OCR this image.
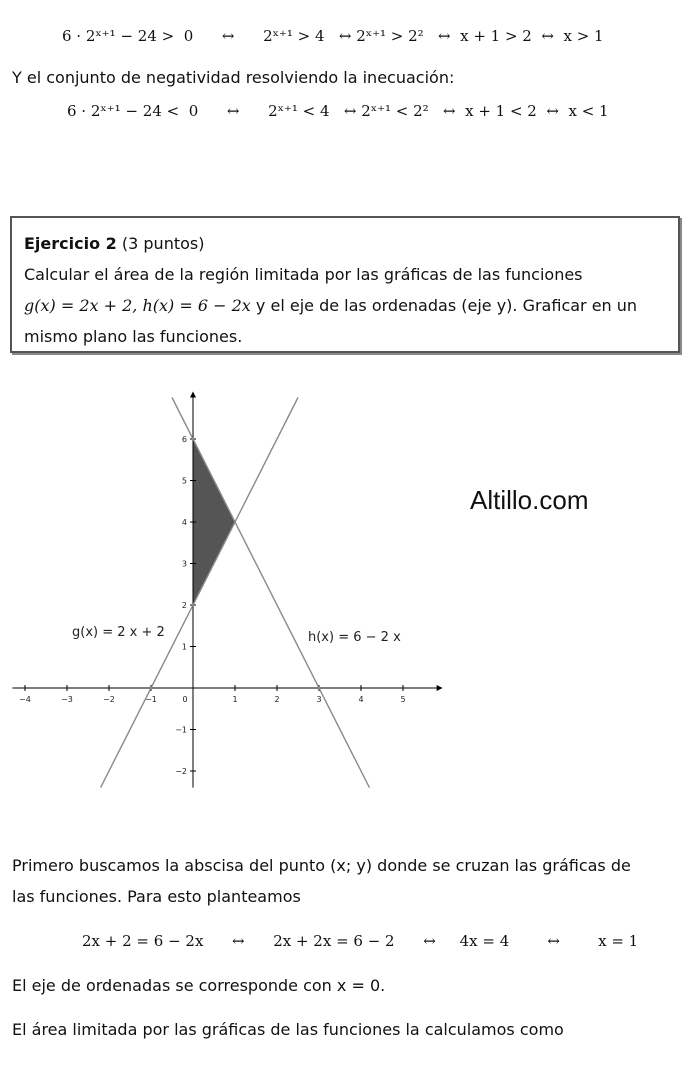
6 · 2ˣ⁺¹ − 24 >  0      ↔      2ˣ⁺¹ > 4   ↔ 2ˣ⁺¹ > 2²   ↔  x + 1 > 2  ↔  x > 1
Y el conjunto de negatividad resolviendo la inecuación:
6 · 2ˣ⁺¹ − 24 <  0      ↔      2ˣ⁺¹ < 4   ↔ 2ˣ⁺¹ < 2²   ↔  x + 1 < 2  ↔  x < 1
Ejercicio 2 (3 puntos)
Calcular el área de la región limitada por las gráficas de las funciones
g(x) = 2x + 2, h(x) = 6 − 2x y el eje de las ordenadas (eje y). Graficar en un
mismo plano las funciones.
−4	−3	−2	−1	0	1	2	3	4	5
−2
−1
1
2
3
4
5
6
g(x) = 2 x + 2	h(x) = 6 − 2 x
Altillo.com
Primero buscamos la abscisa del punto (x; y) donde se cruzan las gráficas de
las funciones. Para esto planteamos
2x + 2 = 6 − 2x      ↔      2x + 2x = 6 − 2      ↔     4x = 4        ↔        x = 1
El eje de ordenadas se corresponde con x = 0.
El área limitada por las gráficas de las funciones la calculamos como
